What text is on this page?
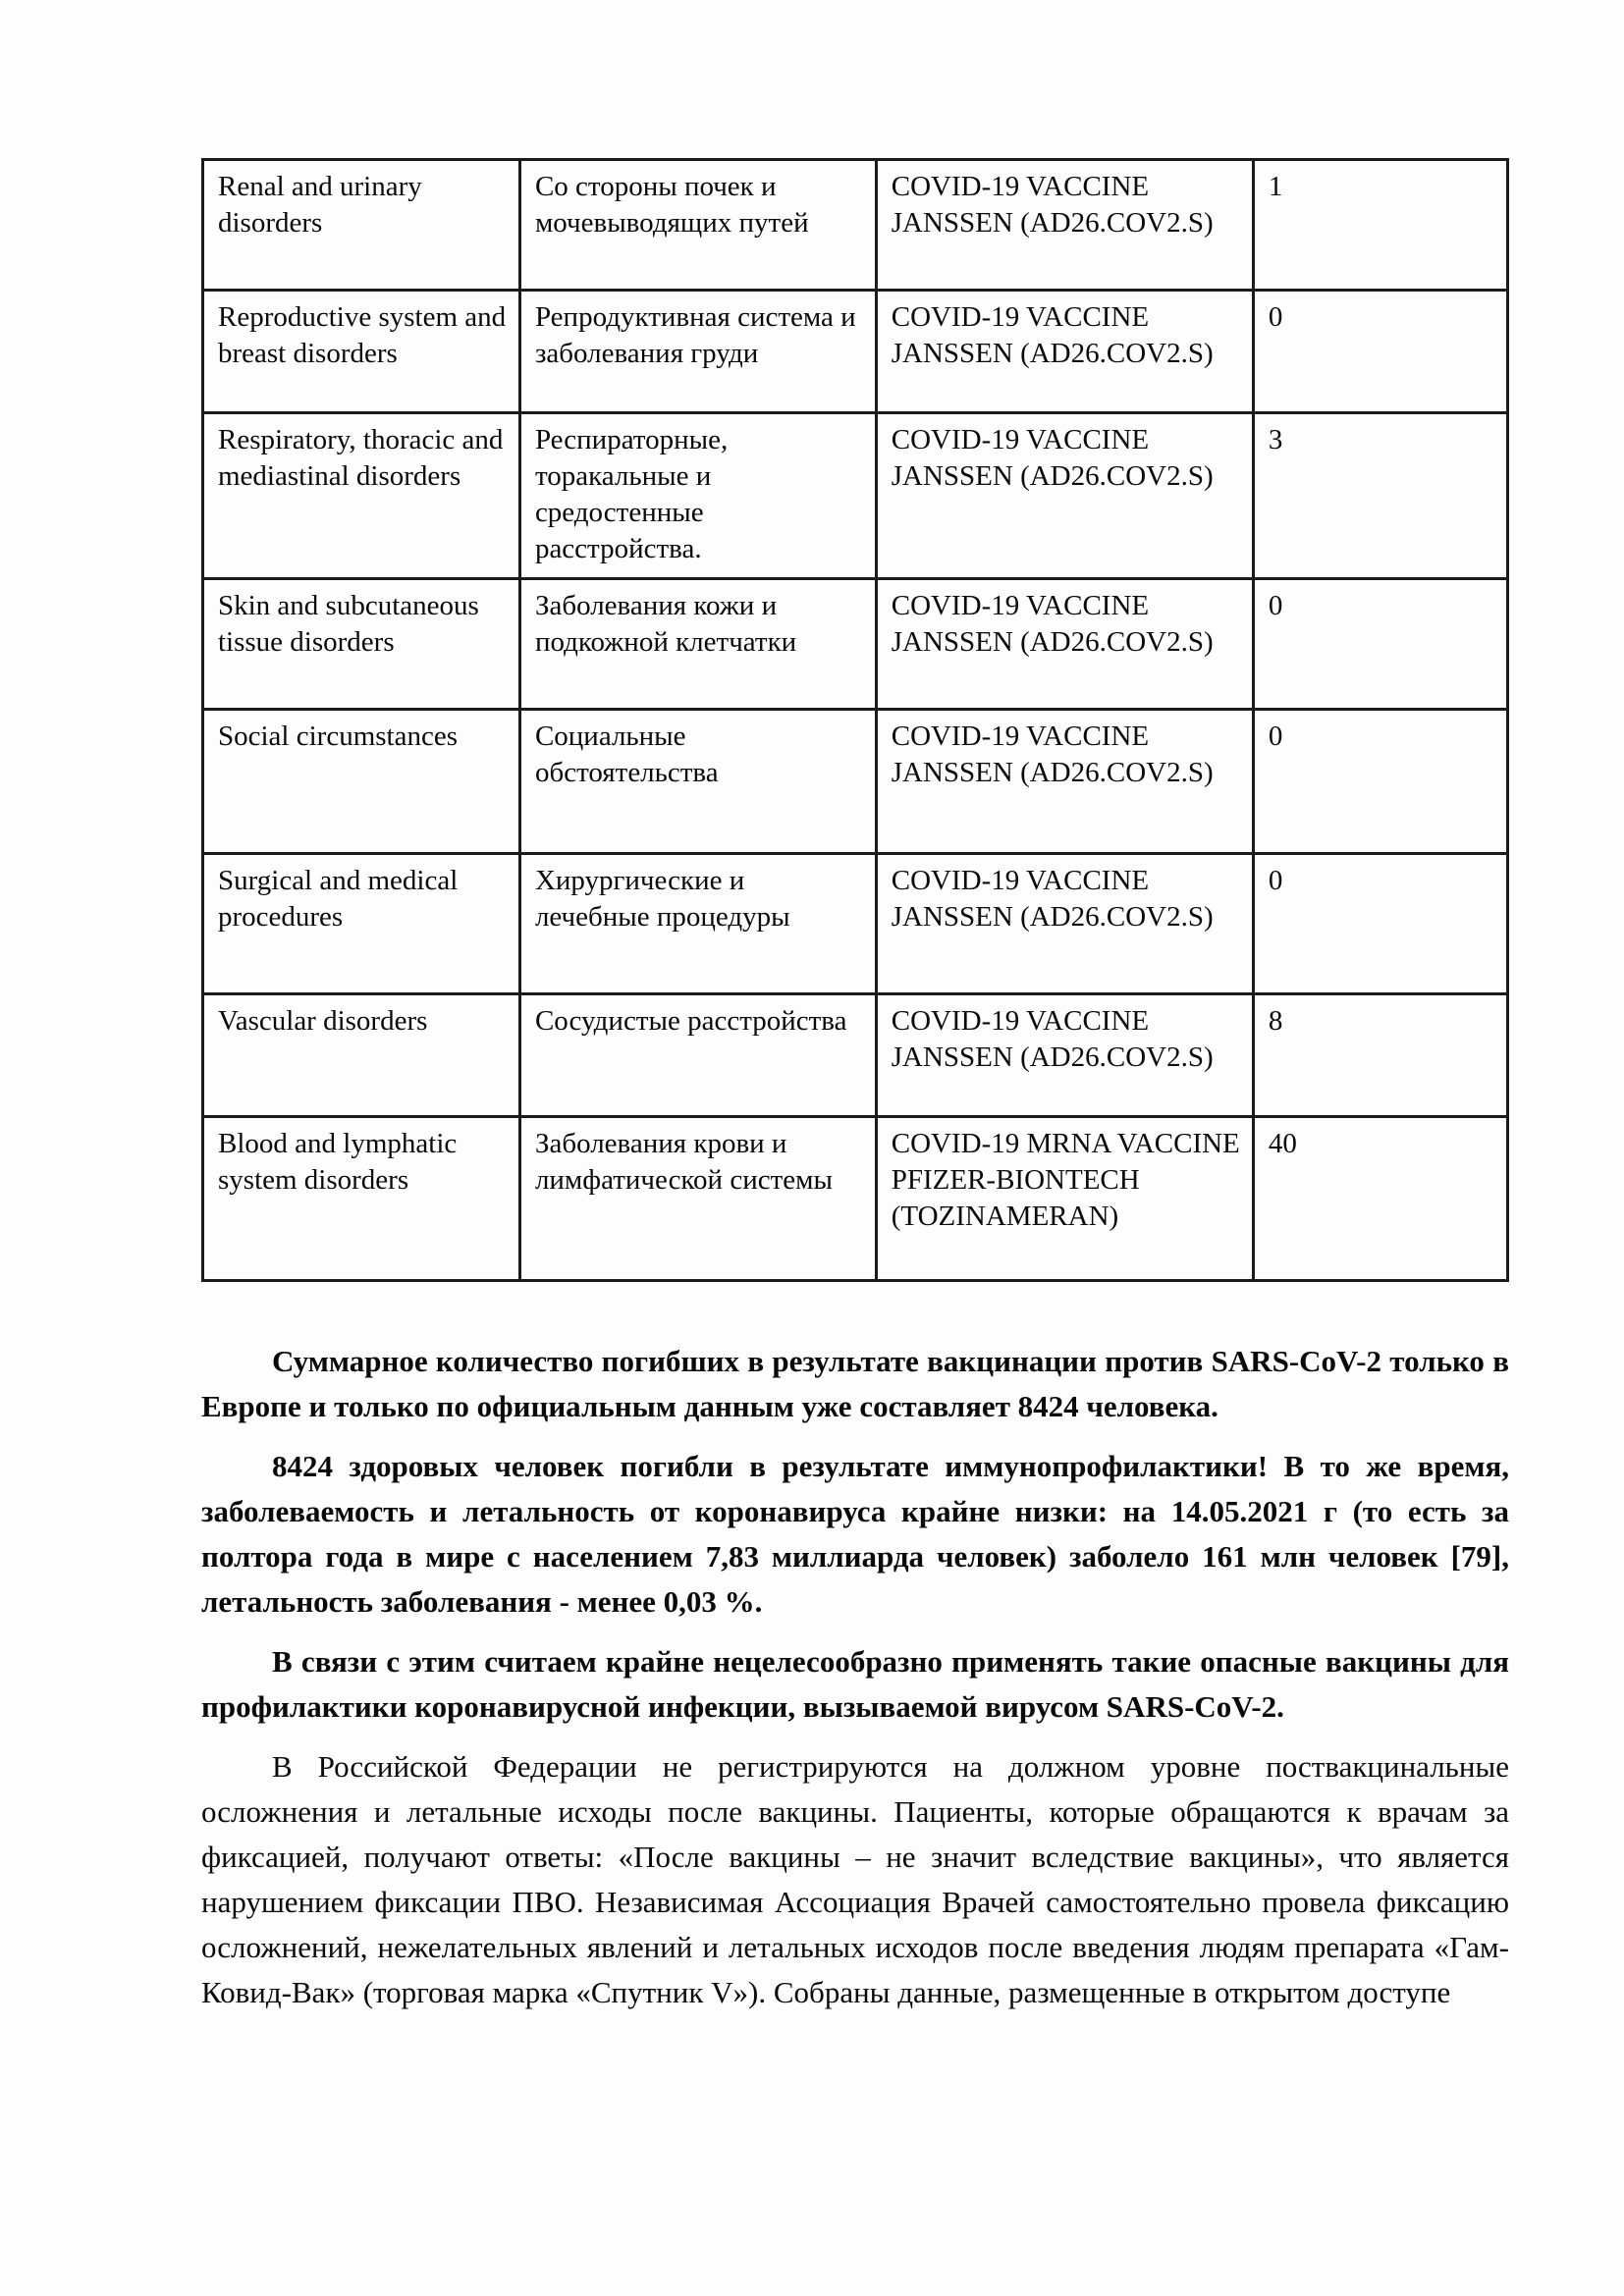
Renal and urinary disorders	Со стороны почек и мочевыводящих путей	COVID-19 VACCINE JANSSEN (AD26.COV2.S)	1
Reproductive system and breast disorders	Репродуктивная система и заболевания груди	COVID-19 VACCINE JANSSEN (AD26.COV2.S)	0
Respiratory, thoracic and mediastinal disorders	Респираторные, торакальные и средостенные расстройства.	COVID-19 VACCINE JANSSEN (AD26.COV2.S)	3
Skin and subcutaneous tissue disorders	Заболевания кожи и подкожной клетчатки	COVID-19 VACCINE JANSSEN (AD26.COV2.S)	0
Social circumstances	Социальные обстоятельства	COVID-19 VACCINE JANSSEN (AD26.COV2.S)	0
Surgical and medical procedures	Хирургические и лечебные процедуры	COVID-19 VACCINE JANSSEN (AD26.COV2.S)	0
Vascular disorders	Сосудистые расстройства	COVID-19 VACCINE JANSSEN (AD26.COV2.S)	8
Blood and lymphatic system disorders	Заболевания крови и лимфатической системы	COVID-19 MRNA VACCINE PFIZER-BIONTECH (TOZINAMERAN)	40

Суммарное количество погибших в результате вакцинации против SARS-CoV-2 только в Европе и только по официальным данным уже составляет 8424 человека.

8424 здоровых человек погибли в результате иммунопрофилактики! В то же время, заболеваемость и летальность от коронавируса крайне низки: на 14.05.2021 г (то есть за полтора года в мире с населением 7,83 миллиарда человек) заболело 161 млн человек [79], летальность заболевания - менее 0,03 %.

В связи с этим считаем крайне нецелесообразно применять такие опасные вакцины для профилактики коронавирусной инфекции, вызываемой вирусом SARS-CoV-2.

В Российской Федерации не регистрируются на должном уровне поствакцинальные осложнения и летальные исходы после вакцины. Пациенты, которые обращаются к врачам за фиксацией, получают ответы: «После вакцины – не значит вследствие вакцины», что является нарушением фиксации ПВО. Независимая Ассоциация Врачей самостоятельно провела фиксацию осложнений, нежелательных явлений и летальных исходов после введения людям препарата «Гам-Ковид-Вак» (торговая марка «Спутник V»). Собраны данные, размещенные в открытом доступе
